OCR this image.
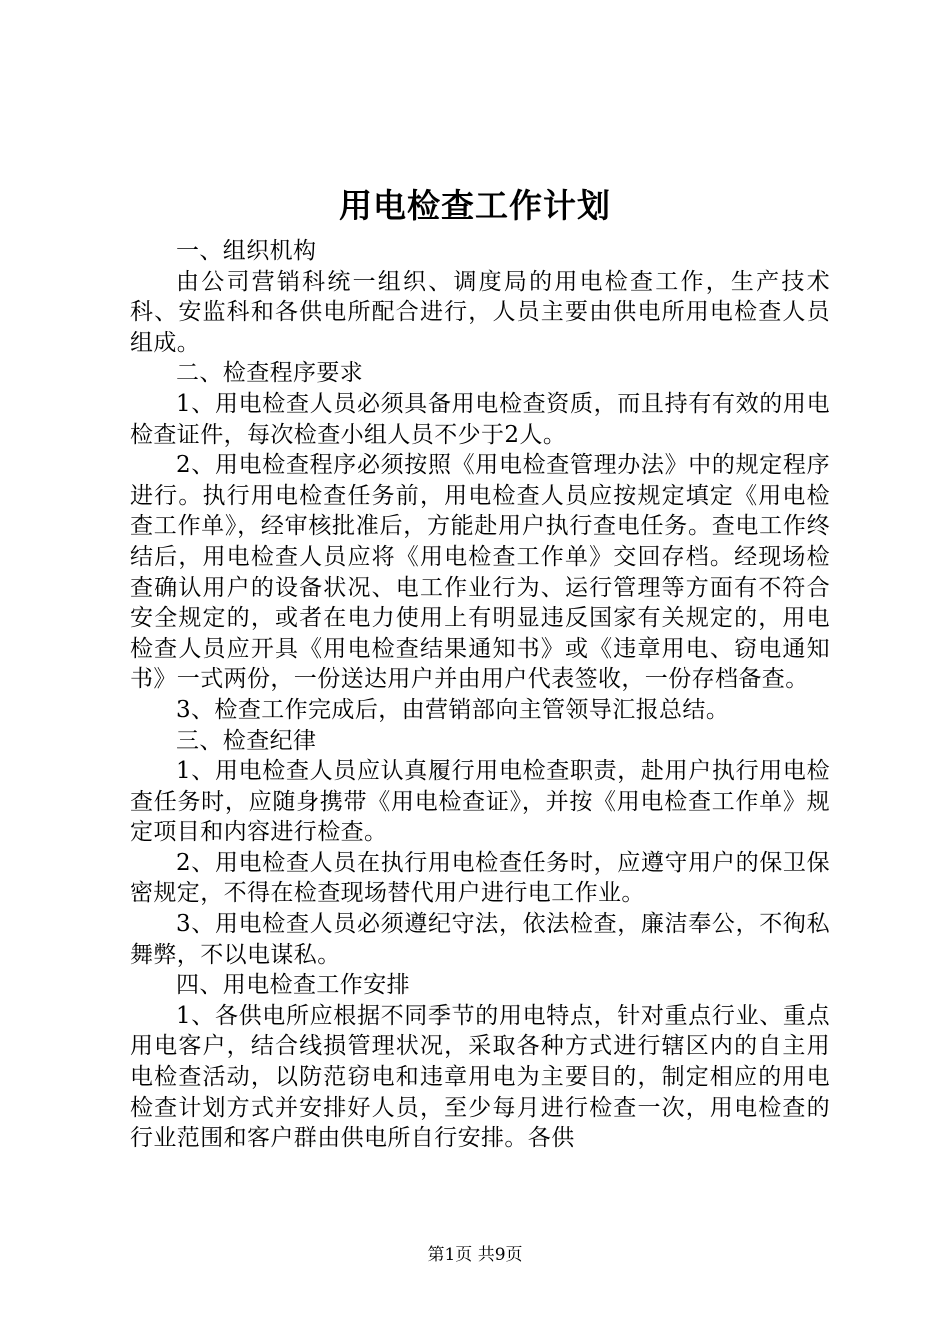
用电检查工作计划

一、组织机构

由公司营销科统一组织、调度局的用电检查工作，生产技术科、安监科和各供电所配合进行，人员主要由供电所用电检查人员组成。

二、检查程序要求

1、用电检查人员必须具备用电检查资质，而且持有有效的用电检查证件，每次检查小组人员不少于2人。

2、用电检查程序必须按照《用电检查管理办法》中的规定程序进行。执行用电检查任务前，用电检查人员应按规定填定《用电检查工作单》，经审核批准后，方能赴用户执行查电任务。查电工作终结后，用电检查人员应将《用电检查工作单》交回存档。经现场检查确认用户的设备状况、电工作业行为、运行管理等方面有不符合安全规定的，或者在电力使用上有明显违反国家有关规定的，用电检查人员应开具《用电检查结果通知书》或《违章用电、窃电通知书》一式两份，一份送达用户并由用户代表签收，一份存档备查。

3、检查工作完成后，由营销部向主管领导汇报总结。

三、检查纪律

1、用电检查人员应认真履行用电检查职责，赴用户执行用电检查任务时，应随身携带《用电检查证》，并按《用电检查工作单》规定项目和内容进行检查。

2、用电检查人员在执行用电检查任务时，应遵守用户的保卫保密规定，不得在检查现场替代用户进行电工作业。

3、用电检查人员必须遵纪守法，依法检查，廉洁奉公，不徇私舞弊，不以电谋私。

四、用电检查工作安排

1、各供电所应根据不同季节的用电特点，针对重点行业、重点用电客户，结合线损管理状况，采取各种方式进行辖区内的自主用电检查活动，以防范窃电和违章用电为主要目的，制定相应的用电检查计划方式并安排好人员，至少每月进行检查一次，用电检查的行业范围和客户群由供电所自行安排。各供

第1页 共9页
